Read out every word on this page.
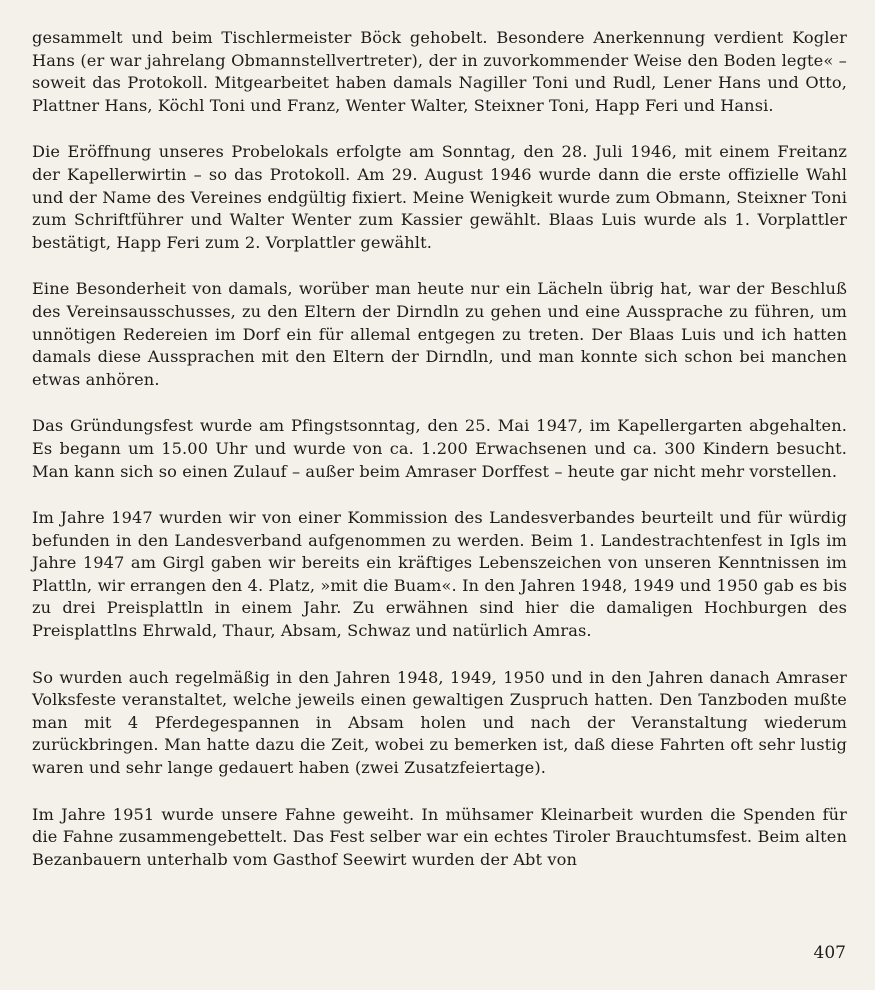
gesammelt und beim Tischlermeister Böck gehobelt. Besondere Anerkennung verdient Kogler Hans (er war jahrelang Obmannstellvertreter), der in zuvorkommender Weise den Boden legte« – soweit das Protokoll. Mitgearbeitet haben damals Nagiller Toni und Rudl, Lener Hans und Otto, Plattner Hans, Köchl Toni und Franz, Wenter Walter, Steixner Toni, Happ Feri und Hansi.

Die Eröffnung unseres Probelokals erfolgte am Sonntag, den 28. Juli 1946, mit einem Freitanz der Kapellerwirtin – so das Protokoll. Am 29. August 1946 wurde dann die erste offizielle Wahl und der Name des Vereines endgültig fixiert. Meine Wenigkeit wurde zum Obmann, Steixner Toni zum Schriftführer und Walter Wenter zum Kassier gewählt. Blaas Luis wurde als 1. Vorplattler bestätigt, Happ Feri zum 2. Vorplattler gewählt.

Eine Besonderheit von damals, worüber man heute nur ein Lächeln übrig hat, war der Beschluß des Vereinsausschusses, zu den Eltern der Dirndln zu gehen und eine Aussprache zu führen, um unnötigen Redereien im Dorf ein für allemal entgegen zu treten. Der Blaas Luis und ich hatten damals diese Aussprachen mit den Eltern der Dirndln, und man konnte sich schon bei manchen etwas anhören.

Das Gründungsfest wurde am Pfingstsonntag, den 25. Mai 1947, im Kapellergarten abgehalten. Es begann um 15.00 Uhr und wurde von ca. 1.200 Erwachsenen und ca. 300 Kindern besucht. Man kann sich so einen Zulauf – außer beim Amraser Dorffest – heute gar nicht mehr vorstellen.

Im Jahre 1947 wurden wir von einer Kommission des Landesverbandes beurteilt und für würdig befunden in den Landesverband aufgenommen zu werden. Beim 1. Landestrachtenfest in Igls im Jahre 1947 am Girgl gaben wir bereits ein kräftiges Lebenszeichen von unseren Kenntnissen im Plattln, wir errangen den 4. Platz, »mit die Buam«. In den Jahren 1948, 1949 und 1950 gab es bis zu drei Preisplattln in einem Jahr. Zu erwähnen sind hier die damaligen Hochburgen des Preisplattlns Ehrwald, Thaur, Absam, Schwaz und natürlich Amras.

So wurden auch regelmäßig in den Jahren 1948, 1949, 1950 und in den Jahren danach Amraser Volksfeste veranstaltet, welche jeweils einen gewaltigen Zuspruch hatten. Den Tanzboden mußte man mit 4 Pferdegespannen in Absam holen und nach der Veranstaltung wiederum zurückbringen. Man hatte dazu die Zeit, wobei zu bemerken ist, daß diese Fahrten oft sehr lustig waren und sehr lange gedauert haben (zwei Zusatzfeiertage).

Im Jahre 1951 wurde unsere Fahne geweiht. In mühsamer Kleinarbeit wurden die Spenden für die Fahne zusammengebettelt. Das Fest selber war ein echtes Tiroler Brauchtumsfest. Beim alten Bezanbauern unterhalb vom Gasthof Seewirt wurden der Abt von

407
